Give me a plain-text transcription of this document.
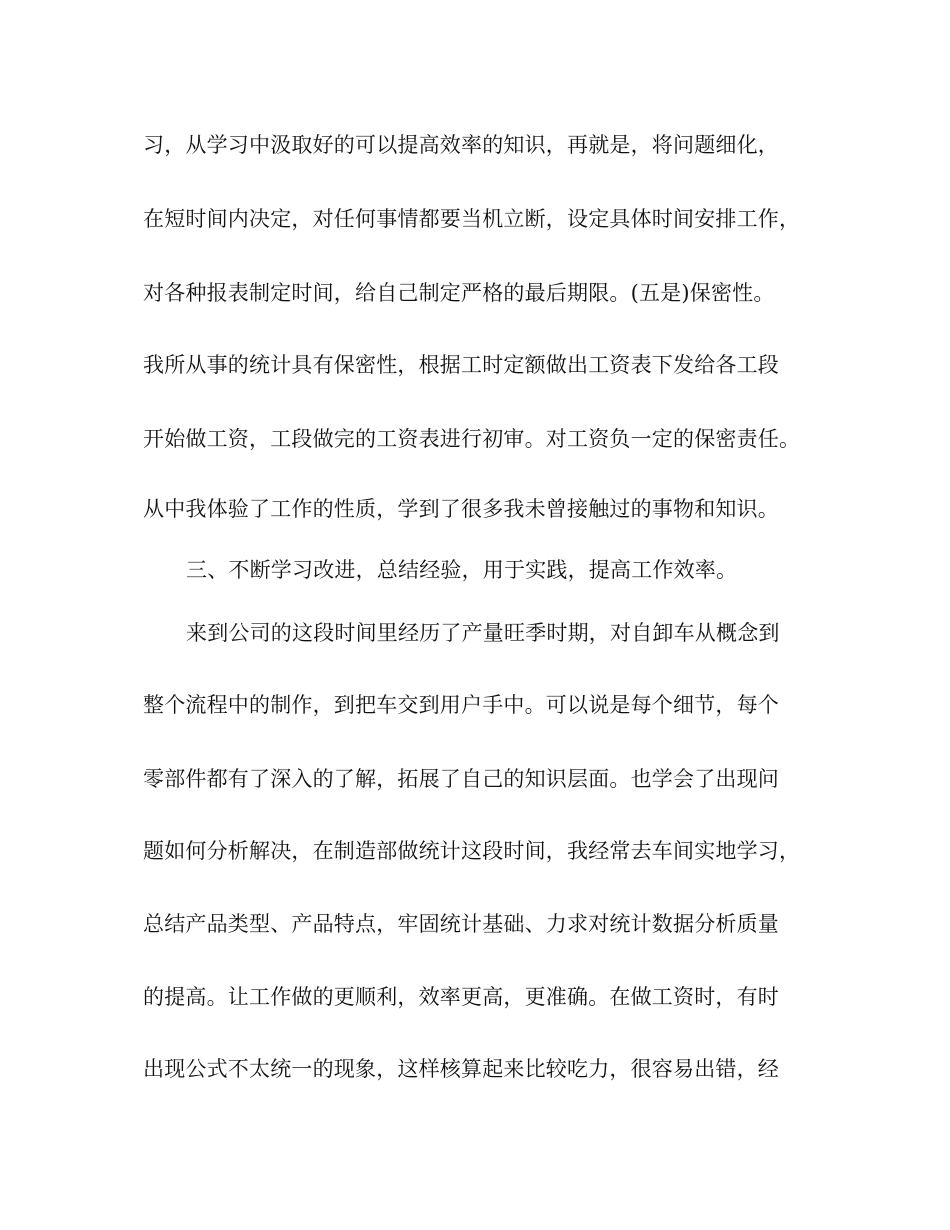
习，从学习中汲取好的可以提高效率的知识，再就是，将问题细化，

在短时间内决定，对任何事情都要当机立断，设定具体时间安排工作，

对各种报表制定时间，给自己制定严格的最后期限。(五是)保密性。

我所从事的统计具有保密性，根据工时定额做出工资表下发给各工段

开始做工资，工段做完的工资表进行初审。对工资负一定的保密责任。

从中我体验了工作的性质，学到了很多我未曾接触过的事物和知识。

三、不断学习改进，总结经验，用于实践，提高工作效率。

来到公司的这段时间里经历了产量旺季时期，对自卸车从概念到

整个流程中的制作，到把车交到用户手中。可以说是每个细节，每个

零部件都有了深入的了解，拓展了自己的知识层面。也学会了出现问

题如何分析解决，在制造部做统计这段时间，我经常去车间实地学习，

总结产品类型、产品特点，牢固统计基础、力求对统计数据分析质量

的提高。让工作做的更顺利，效率更高，更准确。在做工资时，有时

出现公式不太统一的现象，这样核算起来比较吃力，很容易出错，经
